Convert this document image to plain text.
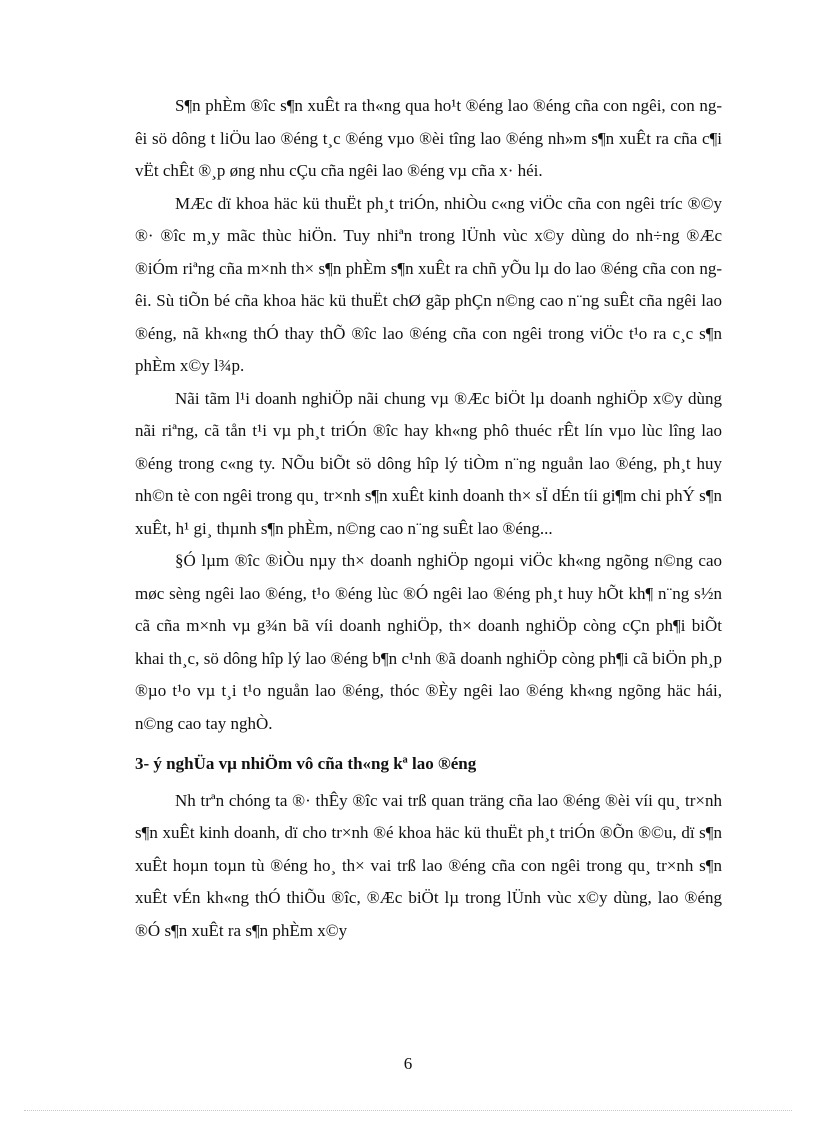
S¶n phÈm ®îc s¶n xuÊt ra th«ng qua ho¹t ®éng lao ®éng cña con ngêi, con ngêi sö dông t liÖu lao ®éng t¸c ®éng vµo ®èi tîng lao ®éng nh»m s¶n xuÊt ra cña c¶i vËt chÊt ®¸p øng nhu cÇu cña ngêi lao ®éng vµ cña x· héi.

MÆc dï khoa häc kü thuËt ph¸t triÓn, nhiÒu c«ng viÖc cña con ngêi tríc ®©y ®· ®îc m¸y mãc thùc hiÖn. Tuy nhiªn trong lÜnh vùc x©y dùng do nh÷ng ®Æc ®iÓm riªng cña m×nh th× s¶n phÈm s¶n xuÊt ra chñ yÕu lµ do lao ®éng cña con ngêi. Sù tiÕn bé cña khoa häc kü thuËt chØ gãp phÇn n©ng cao n¨ng suÊt cña ngêi lao ®éng, nã kh«ng thÓ thay thÕ ®îc lao ®éng cña con ngêi trong viÖc t¹o ra c¸c s¶n phÈm x©y l¾p.

Nãi tãm l¹i doanh nghiÖp nãi chung vµ ®Æc biÖt lµ doanh nghiÖp x©y dùng nãi riªng, cã tån t¹i vµ ph¸t triÓn ®îc hay kh«ng phô thuéc rÊt lín vµo lùc lîng lao ®éng trong c«ng ty. NÕu biÕt sö dông hîp lý tiÒm n¨ng nguån lao ®éng, ph¸t huy nh©n tè con ngêi trong qu¸ tr×nh s¶n xuÊt kinh doanh th× sÏ dÉn tíi gi¶m chi phÝ s¶n xuÊt, h¹ gi¸ thµnh s¶n phÈm, n©ng cao n¨ng suÊt lao ®éng...

§Ó lµm ®îc ®iÒu nµy th× doanh nghiÖp ngoµi viÖc kh«ng ngõng n©ng cao møc sèng ngêi lao ®éng, t¹o ®éng lùc ®Ó ngêi lao ®éng ph¸t huy hÕt kh¶ n¨ng s½n cã cña m×nh vµ g¾n bã víi doanh nghiÖp, th× doanh nghiÖp còng cÇn ph¶i biÕt khai th¸c, sö dông hîp lý lao ®éng b¶n c¹nh ®ã doanh nghiÖp còng ph¶i cã biÖn ph¸p ®µo t¹o vµ t¸i t¹o nguån lao ®éng, thóc ®Èy ngêi lao ®éng kh«ng ngõng häc hái, n©ng cao tay nghÒ.

3- ý nghÜa vµ nhiÖm vô cña th«ng kª lao ®éng

Nh trªn chóng ta ®· thÊy ®îc vai trß quan träng cña lao ®éng ®èi víi qu¸ tr×nh s¶n xuÊt kinh doanh, dï cho tr×nh ®é khoa häc kü thuËt ph¸t triÓn ®Õn ®©u, dï s¶n xuÊt hoµn toµn tù ®éng ho¸ th× vai trß lao ®éng cña con ngêi trong qu¸ tr×nh s¶n xuÊt vÉn kh«ng thÓ thiÕu ®îc, ®Æc biÖt lµ trong lÜnh vùc x©y dùng, lao ®éng ®Ó s¶n xuÊt ra s¶n phÈm x©y

6
